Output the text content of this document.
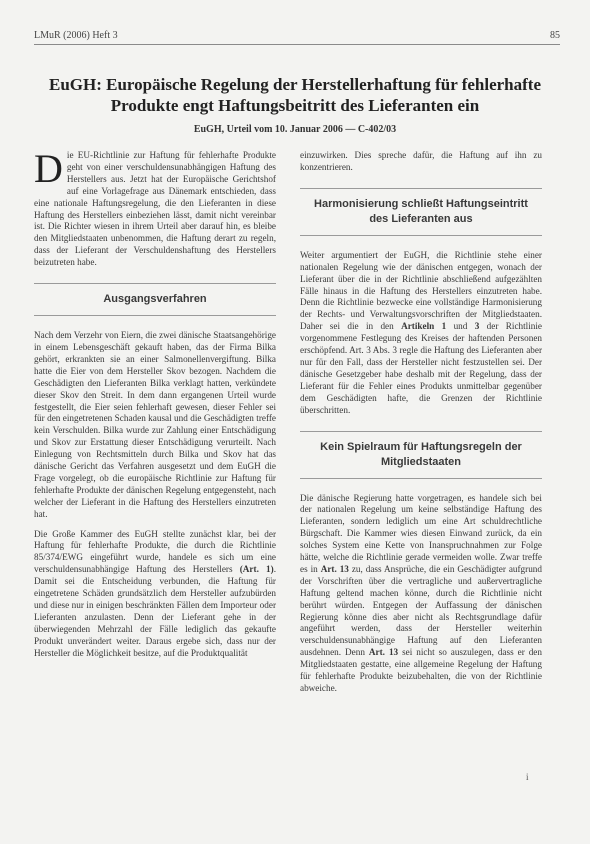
LMuR (2006) Heft 3	85
EuGH: Europäische Regelung der Herstellerhaftung für fehlerhafte Produkte engt Haftungsbeitritt des Lieferanten ein
EuGH, Urteil vom 10. Januar 2006 — C-402/03

Die EU-Richtlinie zur Haftung für fehlerhafte Produkte geht von einer verschuldensunabhängigen Haftung des Herstellers aus. Jetzt hat der Europäische Gerichtshof auf eine Vorlagefrage aus Dänemark entschieden, dass eine nationale Haftungsregelung, die den Lieferanten in diese Haftung des Herstellers einbeziehen lässt, damit nicht vereinbar ist. Die Richter wiesen in ihrem Urteil aber darauf hin, es bleibe den Mitgliedstaaten unbenommen, die Haftung derart zu regeln, dass der Lieferant der Verschuldenshaftung des Herstellers beizutreten habe.

Ausgangsverfahren

Nach dem Verzehr von Eiern, die zwei dänische Staatsangehörige in einem Lebensgeschäft gekauft haben, das der Firma Bilka gehört, erkrankten sie an einer Salmonellenvergiftung. Bilka hatte die Eier von dem Hersteller Skov bezogen. Nachdem die Geschädigten den Lieferanten Bilka verklagt hatten, verkündete dieser Skov den Streit. In dem dann ergangenen Urteil wurde festgestellt, die Eier seien fehlerhaft gewesen, dieser Fehler sei für den eingetretenen Schaden kausal und die Geschädigten treffe kein Verschulden. Bilka wurde zur Zahlung einer Entschädigung und Skov zur Erstattung dieser Entschädigung verurteilt. Nach Einlegung von Rechtsmitteln durch Bilka und Skov hat das dänische Gericht das Verfahren ausgesetzt und dem EuGH die Frage vorgelegt, ob die europäische Richtlinie zur Haftung für fehlerhafte Produkte der dänischen Regelung entgegensteht, nach welcher der Lieferant in die Haftung des Herstellers einzutreten hat.

Die Große Kammer des EuGH stellte zunächst klar, bei der Haftung für fehlerhafte Produkte, die durch die Richtlinie 85/374/EWG eingeführt wurde, handele es sich um eine verschuldensunabhängige Haftung des Herstellers (Art. 1). Damit sei die Entscheidung verbunden, die Haftung für eingetretene Schäden grundsätzlich dem Hersteller aufzubürden und diese nur in einigen beschränkten Fällen dem Importeur oder Lieferanten anzulasten. Denn der Lieferant gehe in der überwiegenden Mehrzahl der Fälle lediglich das gekaufte Produkt unverändert weiter. Daraus ergebe sich, dass nur der Hersteller die Möglichkeit besitze, auf die Produktqualität

einzuwirken. Dies spreche dafür, die Haftung auf ihn zu konzentrieren.

Harmonisierung schließt Haftungseintritt des Lieferanten aus

Weiter argumentiert der EuGH, die Richtlinie stehe einer nationalen Regelung wie der dänischen entgegen, wonach der Lieferant über die in der Richtlinie abschließend aufgezählten Fälle hinaus in die Haftung des Herstellers einzutreten habe. Denn die Richtlinie bezwecke eine vollständige Harmonisierung der Rechts- und Verwaltungsvorschriften der Mitgliedstaaten. Daher sei die in den Artikeln 1 und 3 der Richtlinie vorgenommene Festlegung des Kreises der haftenden Personen erschöpfend. Art. 3 Abs. 3 regle die Haftung des Lieferanten aber nur für den Fall, dass der Hersteller nicht festzustellen sei. Der dänische Gesetzgeber habe deshalb mit der Regelung, dass der Lieferant für die Fehler eines Produkts unmittelbar gegenüber dem Geschädigten hafte, die Grenzen der Richtlinie überschritten.

Kein Spielraum für Haftungsregeln der Mitgliedstaaten

Die dänische Regierung hatte vorgetragen, es handele sich bei der nationalen Regelung um keine selbständige Haftung des Lieferanten, sondern lediglich um eine Art schuldrechtliche Bürgschaft. Die Kammer wies diesen Einwand zurück, da ein solches System eine Kette von Inanspruchnahmen zur Folge hätte, welche die Richtlinie gerade vermeiden wolle. Zwar treffe es in Art. 13 zu, dass Ansprüche, die ein Geschädigter aufgrund der Vorschriften über die vertragliche und außervertragliche Haftung geltend machen könne, durch die Richtlinie nicht berührt würden. Entgegen der Auffassung der dänischen Regierung könne dies aber nicht als Rechtsgrundlage dafür angeführt werden, dass der Hersteller weiterhin verschuldensunabhängige Haftung auf den Lieferanten ausdehnen. Denn Art. 13 sei nicht so auszulegen, dass er den Mitgliedstaaten gestatte, eine allgemeine Regelung der Haftung für fehlerhafte Produkte beizubehalten, die von der Richtlinie abweiche.

i
